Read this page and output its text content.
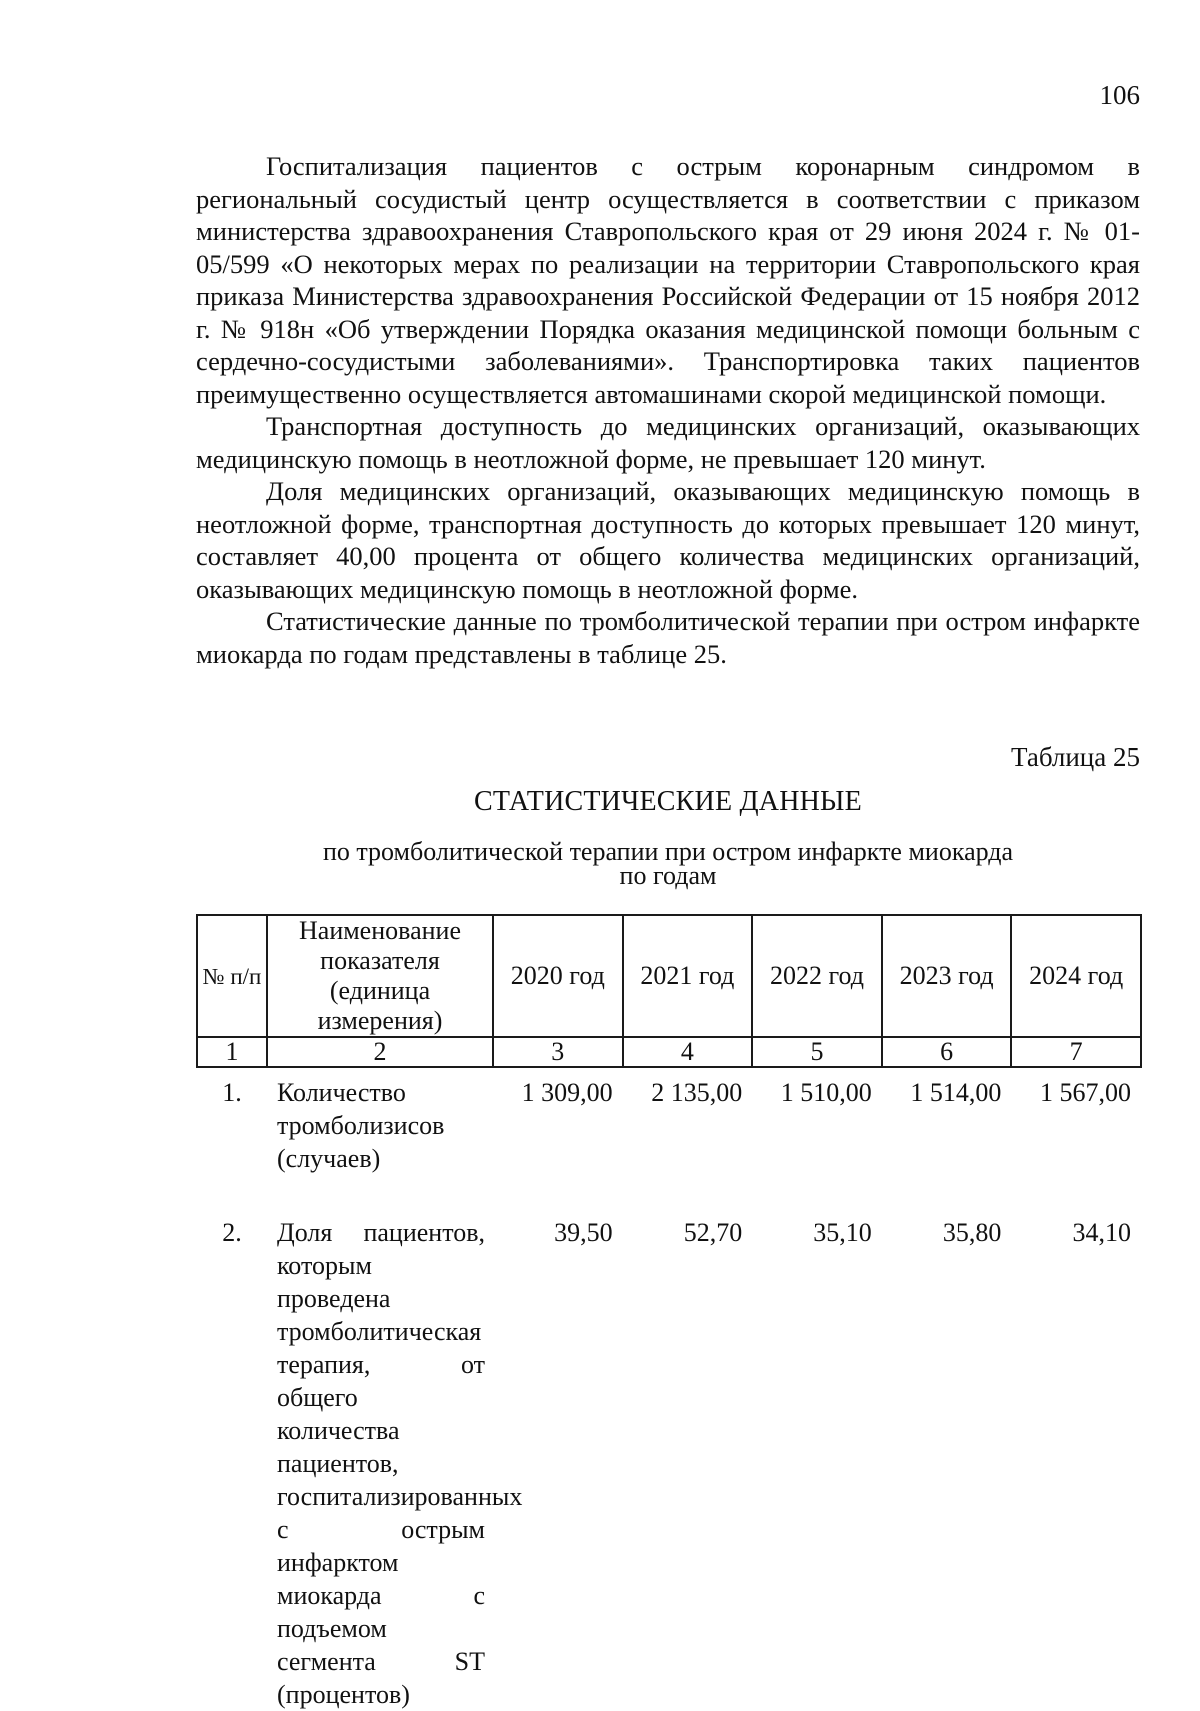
106

Госпитализация пациентов с острым коронарным синдромом в региональный сосудистый центр осуществляется в соответствии с приказом министерства здравоохранения Ставропольского края от 29 июня 2024 г. № 01-05/599 «О некоторых мерах по реализации на территории Ставропольского края приказа Министерства здравоохранения Российской Федерации от 15 ноября 2012 г. № 918н «Об утверждении Порядка оказания медицинской помощи больным с сердечно-сосудистыми заболеваниями». Транспортировка таких пациентов преимущественно осуществляется автомашинами скорой медицинской помощи.

Транспортная доступность до медицинских организаций, оказывающих медицинскую помощь в неотложной форме, не превышает 120 минут.

Доля медицинских организаций, оказывающих медицинскую помощь в неотложной форме, транспортная доступность до которых превышает 120 минут, составляет 40,00 процента от общего количества медицинских организаций, оказывающих медицинскую помощь в неотложной форме.

Статистические данные по тромболитической терапии при остром инфаркте миокарда по годам представлены в таблице 25.

Таблица 25
СТАТИСТИЧЕСКИЕ ДАННЫЕ
по тромболитической терапии при остром инфаркте миокарда
по годам
№ п/п	Наименование показателя (единица измерения)	2020 год	2021 год	2022 год	2023 год	2024 год
1	2	3	4	5	6	7
1.	Количество тромболизисов (случаев)	1 309,00	2 135,00	1 510,00	1 514,00	1 567,00
2.	Доля пациентов, которым проведена тромболитическая терапия, от общего количества пациентов, госпитализированных с острым инфарктом миокарда с подъемом сегмента ST (процентов)	39,50	52,70	35,10	35,80	34,10
